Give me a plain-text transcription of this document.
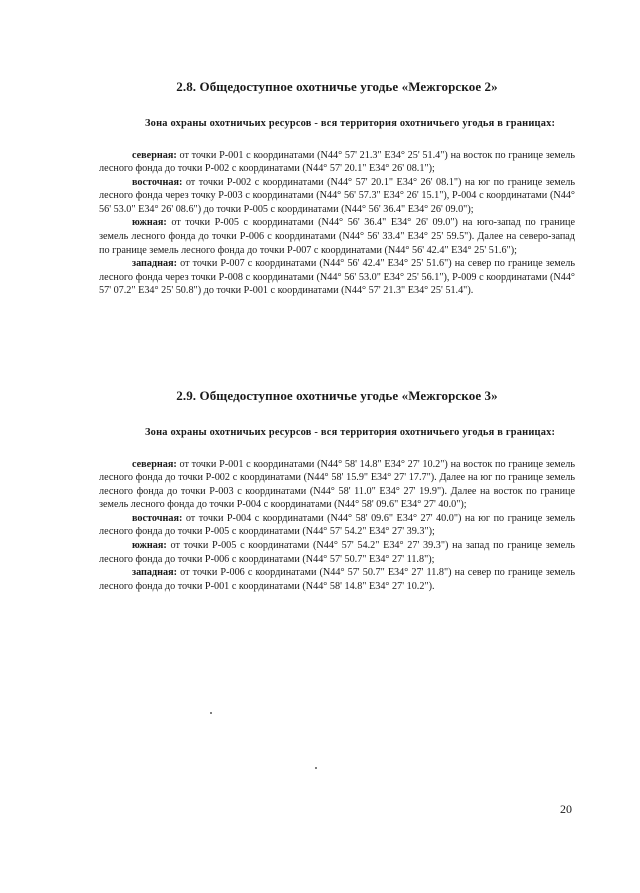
2.8. Общедоступное охотничье угодье «Межгорское 2»

Зона охраны охотничьих ресурсов - вся территория охотничьего угодья в границах:

северная: от точки Р-001 с координатами (N44° 57' 21.3" E34° 25' 51.4") на восток по границе земель лесного фонда до точки Р-002 с координатами (N44° 57' 20.1" E34° 26' 08.1");

восточная: от точки Р-002 с координатами (N44° 57' 20.1" E34° 26' 08.1") на юг по границе земель лесного фонда через точку Р-003 с координатами (N44° 56' 57.3" E34° 26' 15.1"), Р-004 с координатами (N44° 56' 53.0" E34° 26' 08.6") до точки Р-005 с координатами (N44° 56' 36.4" E34° 26' 09.0");

южная: от точки Р-005 с координатами (N44° 56' 36.4" E34° 26' 09.0") на юго-запад по границе земель лесного фонда до точки Р-006 с координатами (N44° 56' 33.4" E34° 25' 59.5"). Далее на северо-запад по границе земель лесного фонда до точки Р-007 с координатами (N44° 56' 42.4" E34° 25' 51.6");

западная: от точки Р-007 с координатами (N44° 56' 42.4" E34° 25' 51.6") на север по границе земель лесного фонда через точки Р-008 с координатами (N44° 56' 53.0" E34° 25' 56.1"), Р-009 с координатами (N44° 57' 07.2" E34° 25' 50.8") до точки Р-001 с координатами (N44° 57' 21.3" E34° 25' 51.4").

2.9. Общедоступное охотничье угодье «Межгорское 3»

Зона охраны охотничьих ресурсов - вся территория охотничьего угодья в границах:

северная: от точки Р-001 с координатами (N44° 58' 14.8" E34° 27' 10.2") на восток по границе земель лесного фонда до точки Р-002 с координатами (N44° 58' 15.9" E34° 27' 17.7"). Далее на юг по границе земель лесного фонда до точки Р-003 с координатами (N44° 58' 11.0" E34° 27' 19.9"). Далее на восток по границе земель лесного фонда до точки Р-004 с координатами (N44° 58' 09.6" E34° 27' 40.0");

восточная: от точки Р-004 с координатами (N44° 58' 09.6" E34° 27' 40.0") на юг по границе земель лесного фонда до точки Р-005 с координатами (N44° 57' 54.2" E34° 27' 39.3");

южная: от точки Р-005 с координатами (N44° 57' 54.2" E34° 27' 39.3") на запад по границе земель лесного фонда до точки Р-006 с координатами (N44° 57' 50.7" E34° 27' 11.8");

западная: от точки Р-006 с координатами (N44° 57' 50.7" E34° 27' 11.8") на север по границе земель лесного фонда до точки Р-001 с координатами (N44° 58' 14.8" E34° 27' 10.2").

20
